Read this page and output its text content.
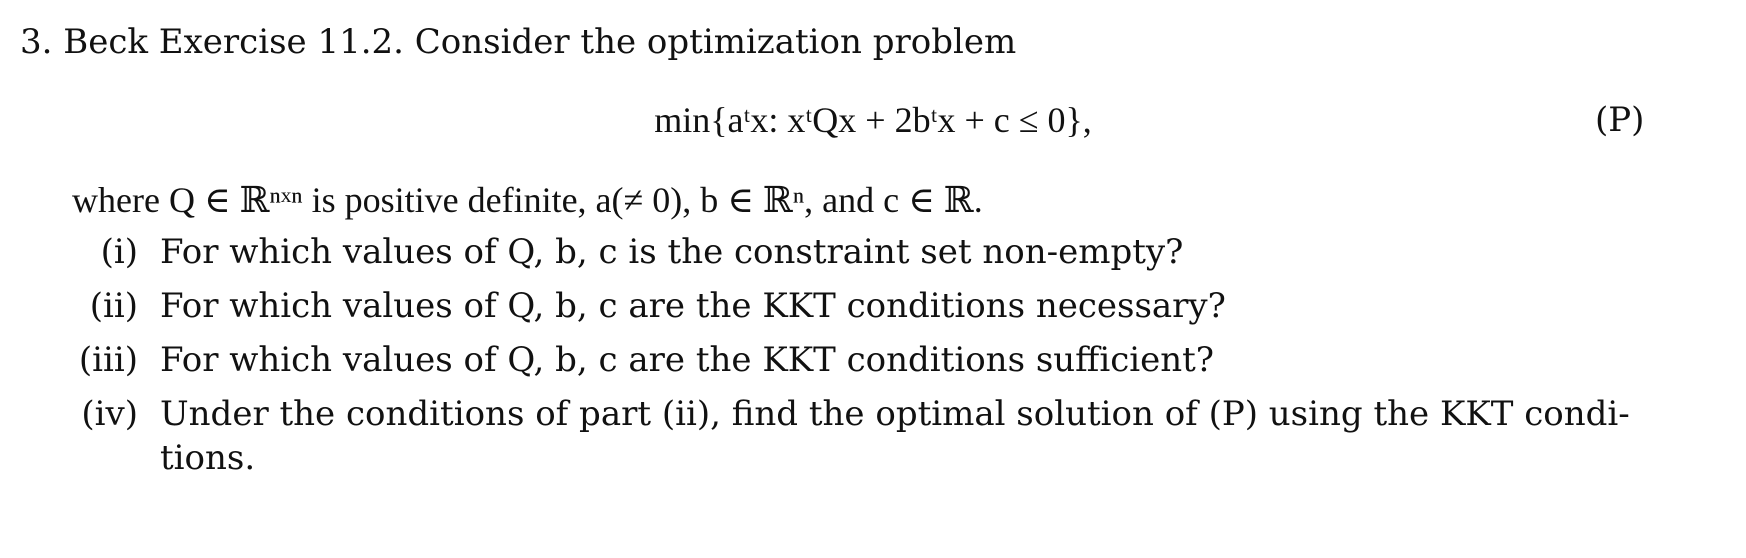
3. Beck Exercise 11.2. Consider the optimization problem
min{aᵗx: xᵗQx + 2bᵗx + c ≤ 0},	(P)
where Q ∈ ℝⁿˣⁿ is positive definite, a(≠ 0), b ∈ ℝⁿ, and c ∈ ℝ.
(i) For which values of Q, b, c is the constraint set non-empty?
(ii) For which values of Q, b, c are the KKT conditions necessary?
(iii) For which values of Q, b, c are the KKT conditions sufficient?
(iv) Under the conditions of part (ii), find the optimal solution of (P) using the KKT condi-
tions.
